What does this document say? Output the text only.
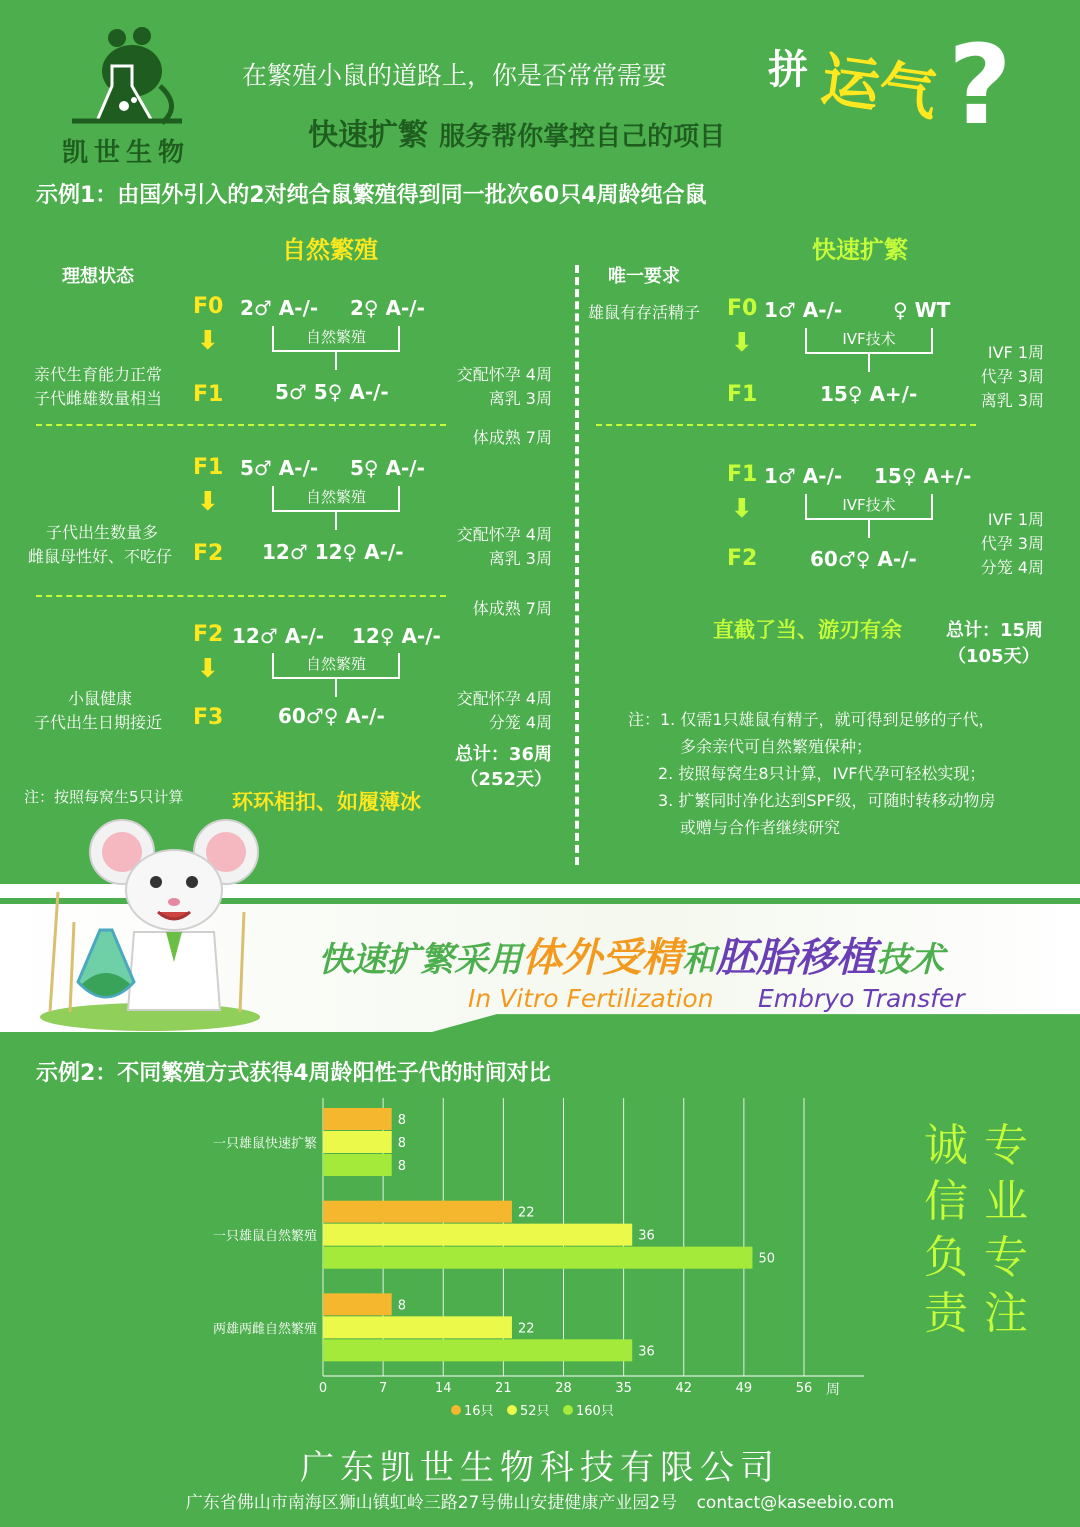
凯世生物
在繁殖小鼠的道路上，你是否常常需要	拼 运气 ?
快速扩繁 服务帮你掌控自己的项目
示例1：由国外引入的2对纯合鼠繁殖得到同一批次60只4周龄纯合鼠
自然繁殖
理想状态
F0
⬇
F1
2♂ A-/- 2♀ A-/-
自然繁殖
5♂ 5♀ A-/-
亲代生育能力正常
子代雌雄数量相当
交配怀孕 4周
离乳 3周
体成熟 7周
F1
⬇
F2
5♂ A-/- 5♀ A-/-
自然繁殖
12♂ 12♀ A-/-
子代出生数量多
雌鼠母性好、不吃仔
交配怀孕 4周
离乳 3周
体成熟 7周
F2
⬇
F3
12♂ A-/- 12♀ A-/-
自然繁殖
60♂♀ A-/-
小鼠健康
子代出生日期接近
交配怀孕 4周
分笼 4周
总计：36周
（252天）
注：按照每窝生5只计算 环环相扣、如履薄冰
快速扩繁
唯一要求
雄鼠有存活精子 F0
⬇
F1
1♂ A-/-	♀ WT
IVF技术
15♀ A+/-
IVF 1周
代孕 3周
离乳 3周
F1
⬇
F2
1♂ A-/- 15♀ A+/-
IVF技术
60♂♀ A-/-
IVF 1周
代孕 3周
分笼 4周
直截了当、游刃有余 总计：15周
（105天）
注：1. 仅需1只雄鼠有精子，就可得到足够的子代，
多余亲代可自然繁殖保种；
2. 按照每窝生8只计算，IVF代孕可轻松实现；
3. 扩繁同时净化达到SPF级，可随时转移动物房
或赠与合作者继续研究
快速扩繁采用体外受精和胚胎移植技术
In Vitro Fertilization Embryo Transfer
示例2：不同繁殖方式获得4周龄阳性子代的时间对比
0	7	14	21	28	35	42	49	56 周
8
8
8
一只雄鼠快速扩繁
22
36
50
一只雄鼠自然繁殖
8
22
36
两雄两雌自然繁殖
16只 52只 160只
诚信负责
专业专注
广东凯世生物科技有限公司
广东省佛山市南海区狮山镇虹岭三路27号佛山安捷健康产业园2号 contact@kaseebio.com
